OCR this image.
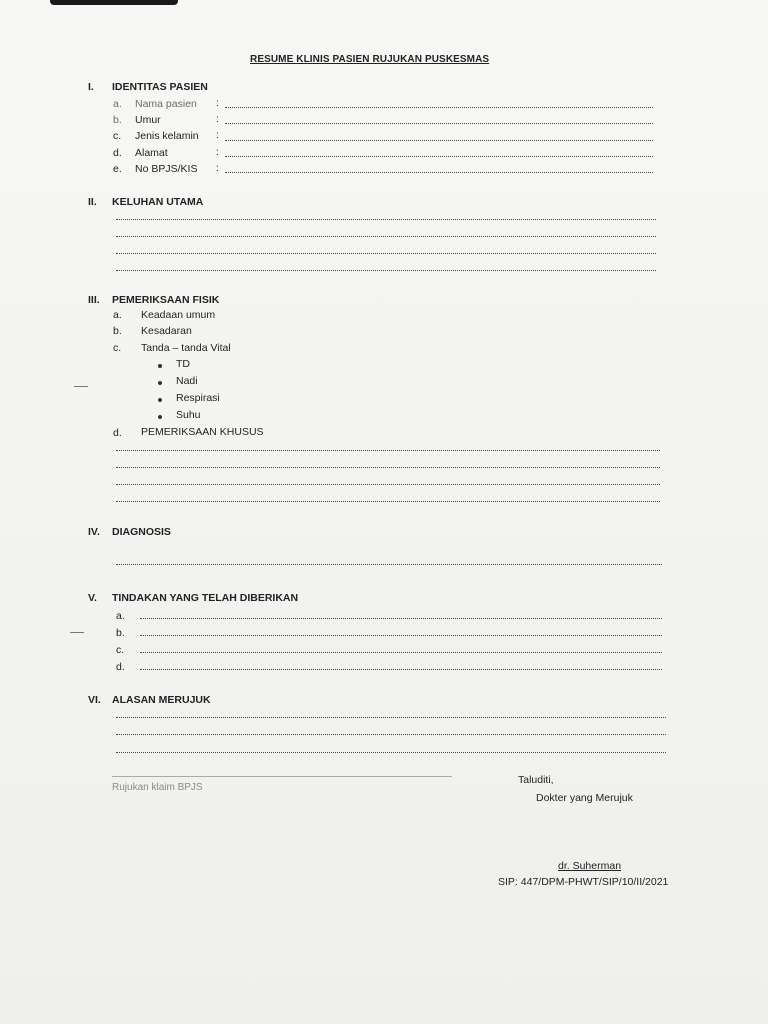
RESUME KLINIS PASIEN RUJUKAN PUSKESMAS
I. IDENTITAS PASIEN
a. Nama pasien :
b. Umur	:
c. Jenis kelamin :
d. Alamat	:
e. No BPJS/KIS :
II. KELUHAN UTAMA
III. PEMERIKSAAN FISIK
a. Keadaan umum
b. Kesadaran
c. Tanda – tanda Vital
TD
Nadi
Respirasi
Suhu
d. PEMERIKSAAN KHUSUS
IV. DIAGNOSIS
V. TINDAKAN YANG TELAH DIBERIKAN
a.
b.
c.
d.
VI. ALASAN MERUJUK
Rujukan klaim BPJS
Taluditi,
Dokter yang Merujuk
dr. Suherman
SIP: 447/DPM-PHWT/SIP/10/II/2021
